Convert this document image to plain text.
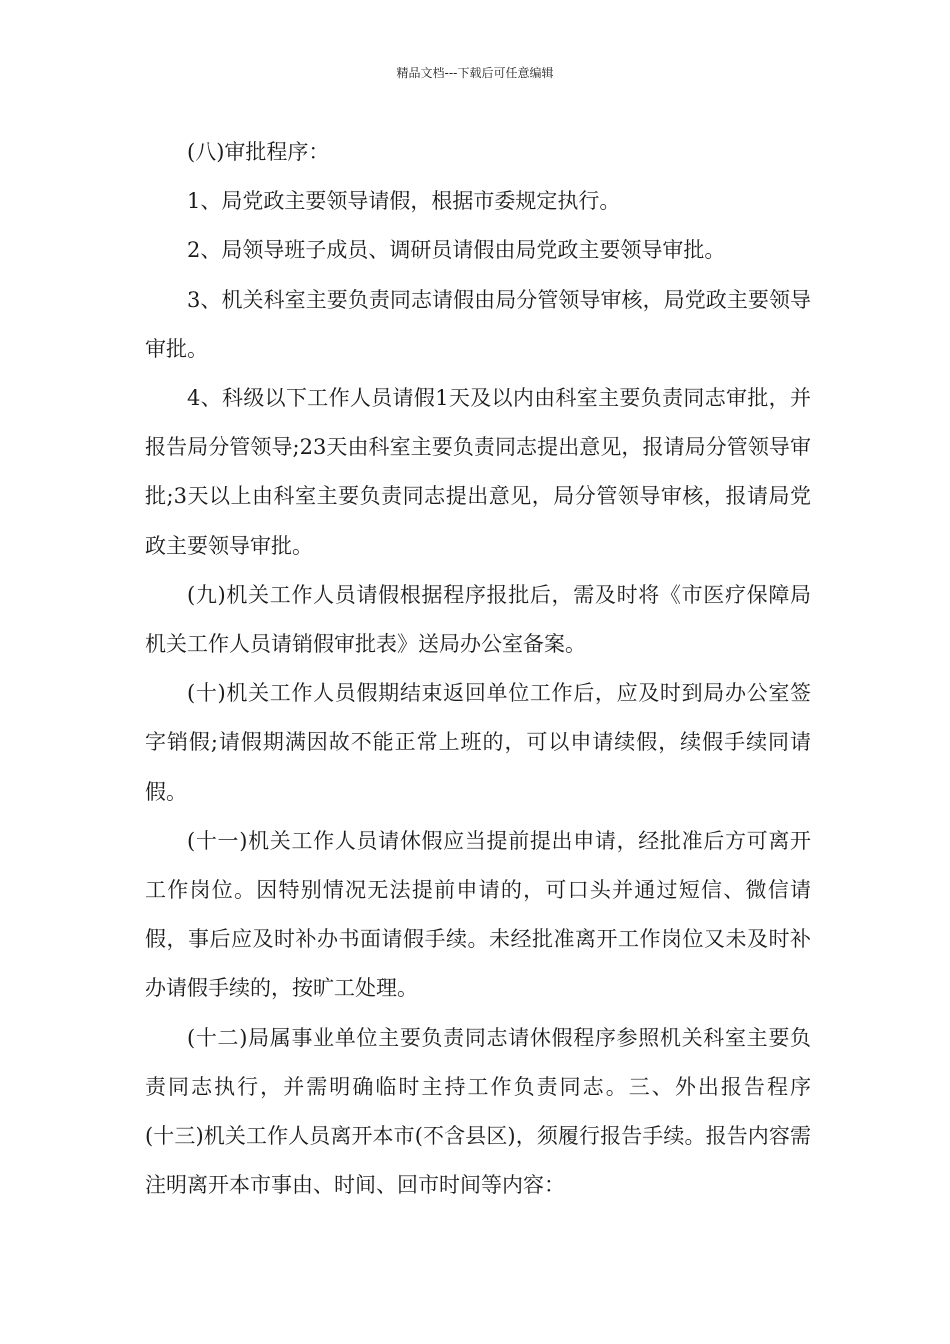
精品文档---下载后可任意编辑

(八)审批程序：

1、局党政主要领导请假，根据市委规定执行。

2、局领导班子成员、调研员请假由局党政主要领导审批。

3、机关科室主要负责同志请假由局分管领导审核，局党政主要领导审批。

4、科级以下工作人员请假1天及以内由科室主要负责同志审批，并报告局分管领导;23天由科室主要负责同志提出意见，报请局分管领导审批;3天以上由科室主要负责同志提出意见，局分管领导审核，报请局党政主要领导审批。

(九)机关工作人员请假根据程序报批后，需及时将《市医疗保障局机关工作人员请销假审批表》送局办公室备案。

(十)机关工作人员假期结束返回单位工作后，应及时到局办公室签字销假;请假期满因故不能正常上班的，可以申请续假，续假手续同请假。

(十一)机关工作人员请休假应当提前提出申请，经批准后方可离开工作岗位。因特别情况无法提前申请的，可口头并通过短信、微信请假，事后应及时补办书面请假手续。未经批准离开工作岗位又未及时补办请假手续的，按旷工处理。

(十二)局属事业单位主要负责同志请休假程序参照机关科室主要负责同志执行，并需明确临时主持工作负责同志。三、外出报告程序　　(十三)机关工作人员离开本市(不含县区)，须履行报告手续。报告内容需注明离开本市事由、时间、回市时间等内容：
